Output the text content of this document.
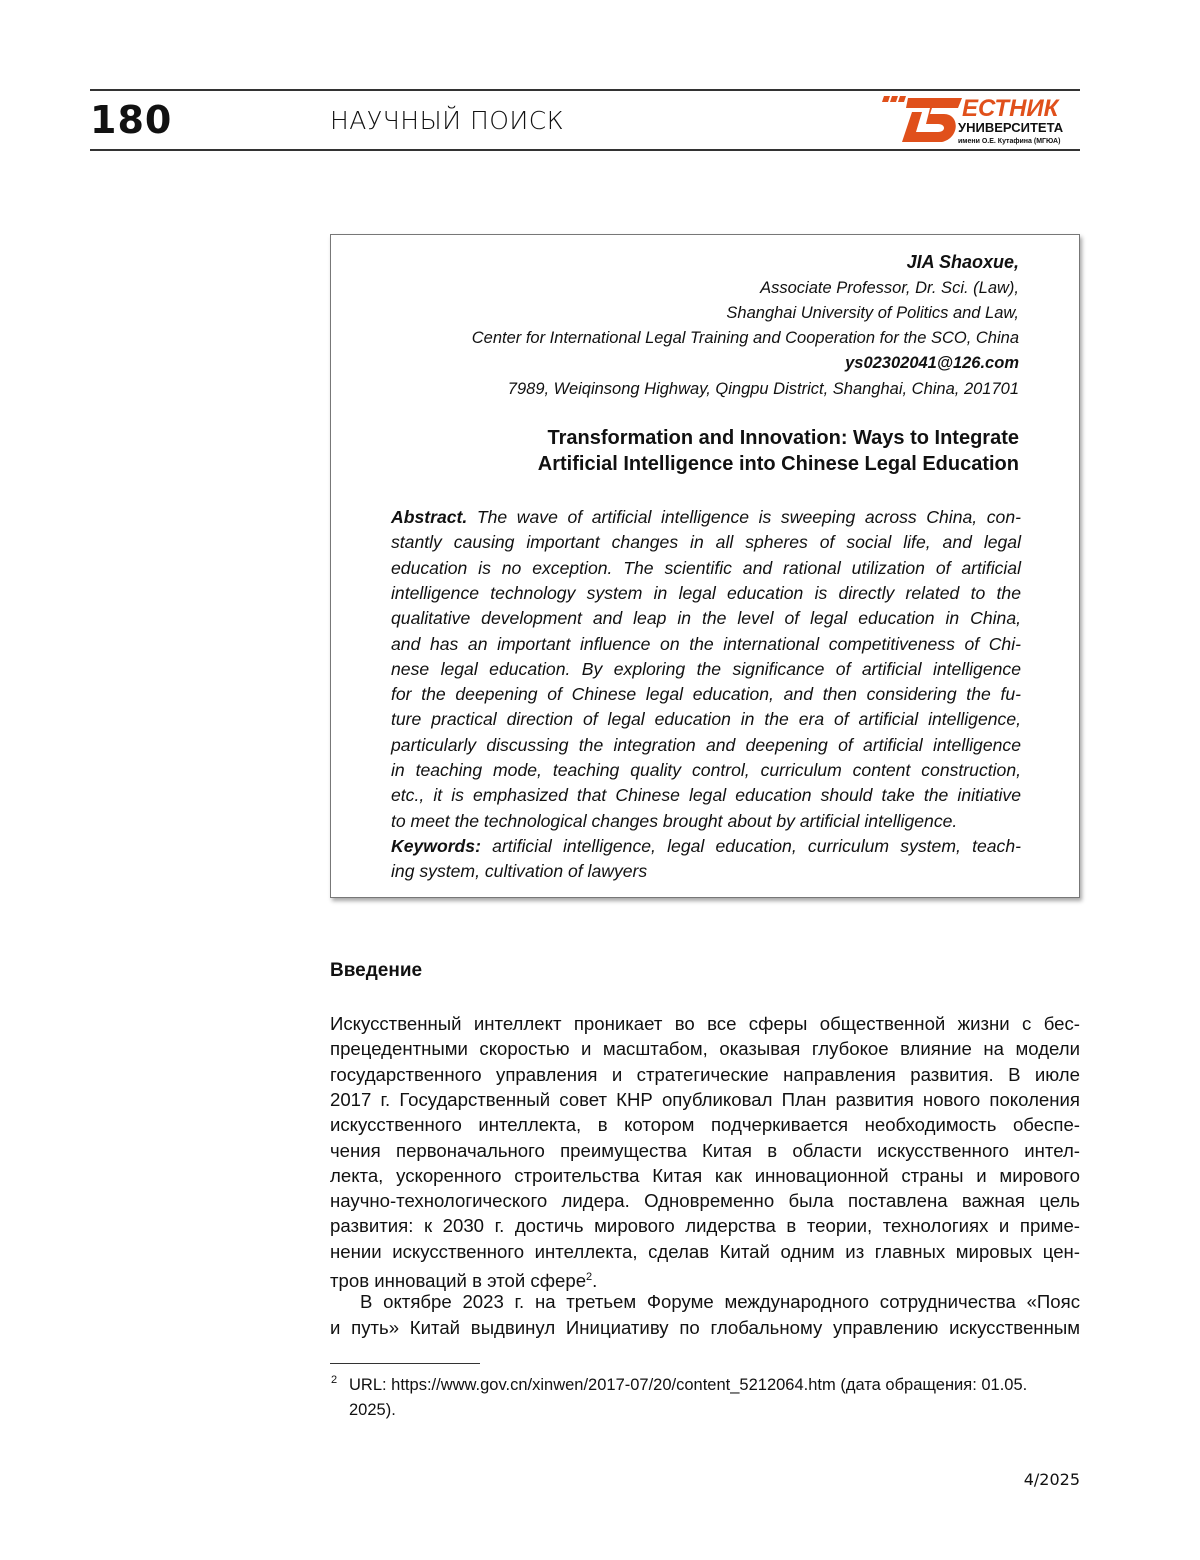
180	НАУЧНЫЙ ПОИСК	ЕСТНИК
УНИВЕРСИТЕТА
имени О.Е. Кутафина (МГЮА)
JIA Shaoxue,
Associate Professor, Dr. Sci. (Law),
Shanghai University of Politics and Law,
Center for International Legal Training and Cooperation for the SCO, China
ys02302041@126.com
7989, Weiqinsong Highway, Qingpu District, Shanghai, China, 201701
Transformation and Innovation: Ways to Integrate
Artificial Intelligence into Chinese Legal Education
Abstract. The wave of artificial intelligence is sweeping across China, con-
stantly causing important changes in all spheres of social life, and legal
education is no exception. The scientific and rational utilization of artificial
intelligence technology system in legal education is directly related to the
qualitative development and leap in the level of legal education in China,
and has an important influence on the international competitiveness of Chi-
nese legal education. By exploring the significance of artificial intelligence
for the deepening of Chinese legal education, and then considering the fu-
ture practical direction of legal education in the era of artificial intelligence,
particularly discussing the integration and deepening of artificial intelligence
in teaching mode, teaching quality control, curriculum content construction,
etc., it is emphasized that Chinese legal education should take the initiative
to meet the technological changes brought about by artificial intelligence.
Keywords: artificial intelligence, legal education, curriculum system, teach-
ing system, cultivation of lawyers
Введение
Искусственный интеллект проникает во все сферы общественной жизни с бес-
прецедентными скоростью и масштабом, оказывая глубокое влияние на модели
государственного управления и стратегические направления развития. В июле
2017 г. Государственный совет КНР опубликовал План развития нового поколения
искусственного интеллекта, в котором подчеркивается необходимость обеспе-
чения первоначального преимущества Китая в области искусственного интел-
лекта, ускоренного строительства Китая как инновационной страны и мирового
научно-технологического лидера. Одновременно была поставлена важная цель
развития: к 2030 г. достичь мирового лидерства в теории, технологиях и приме-
нении искусственного интеллекта, сделав Китай одним из главных мировых цен-
тров инноваций в этой сфере$^2$.
В октябре 2023 г. на третьем Форуме международного сотрудничества «Пояс
и путь» Китай выдвинул Инициативу по глобальному управлению искусственным
2 URL: https://www.gov.cn/xinwen/2017-07/20/content_5212064.htm (дата обращения: 01.05.
2025).
4/2025
